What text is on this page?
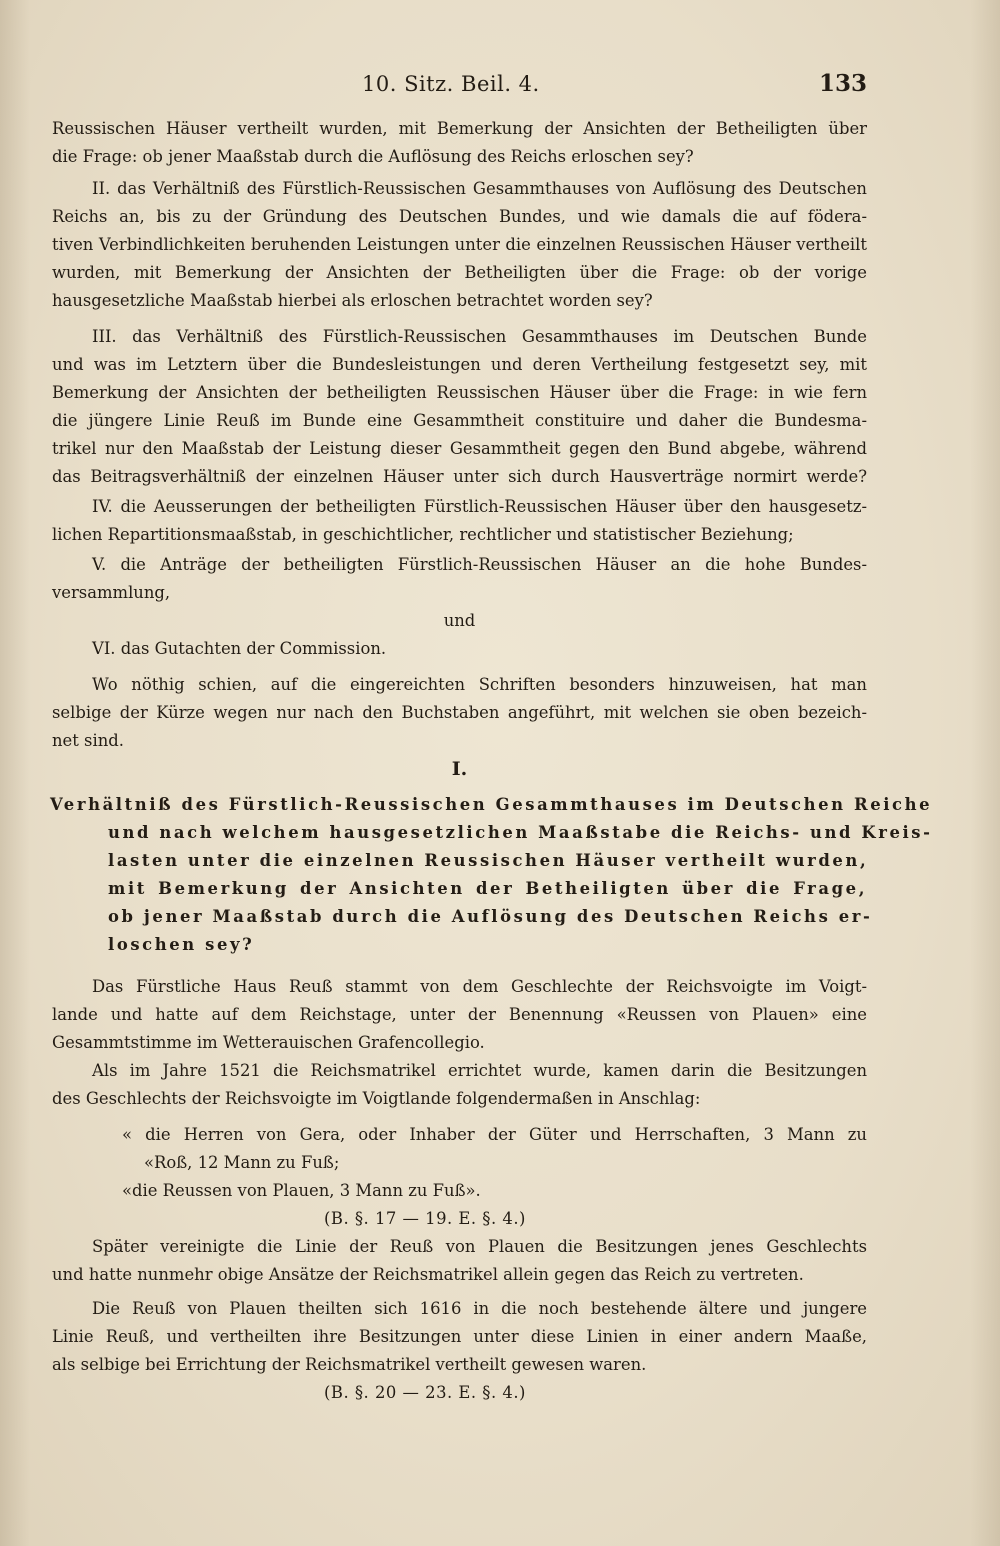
10. Sitz. Beil. 4.	133
Reussischen Häuser vertheilt wurden, mit Bemerkung der Ansichten der Betheiligten über
die Frage: ob jener Maaßstab durch die Auflösung des Reichs erloschen sey?
II. das Verhältniß des Fürstlich-Reussischen Gesammthauses von Auflösung des Deutschen
Reichs an, bis zu der Gründung des Deutschen Bundes, und wie damals die auf födera-
tiven Verbindlichkeiten beruhenden Leistungen unter die einzelnen Reussischen Häuser vertheilt
wurden, mit Bemerkung der Ansichten der Betheiligten über die Frage: ob der vorige
hausgesetzliche Maaßstab hierbei als erloschen betrachtet worden sey?
III. das Verhältniß des Fürstlich-Reussischen Gesammthauses im Deutschen Bunde
und was im Letztern über die Bundesleistungen und deren Vertheilung festgesetzt sey, mit
Bemerkung der Ansichten der betheiligten Reussischen Häuser über die Frage: in wie fern
die jüngere Linie Reuß im Bunde eine Gesammtheit constituire und daher die Bundesma-
trikel nur den Maaßstab der Leistung dieser Gesammtheit gegen den Bund abgebe, während
das Beitragsverhältniß der einzelnen Häuser unter sich durch Hausverträge normirt werde?
IV. die Aeusserungen der betheiligten Fürstlich-Reussischen Häuser über den hausgesetz-
lichen Repartitionsmaaßstab, in geschichtlicher, rechtlicher und statistischer Beziehung;
V. die Anträge der betheiligten Fürstlich-Reussischen Häuser an die hohe Bundes-
versammlung,
und
VI. das Gutachten der Commission.
Wo nöthig schien, auf die eingereichten Schriften besonders hinzuweisen, hat man
selbige der Kürze wegen nur nach den Buchstaben angeführt, mit welchen sie oben bezeich-
net sind.
I.
Verhältniß des Fürstlich-Reussischen Gesammthauses im Deutschen Reiche
und nach welchem hausgesetzlichen Maaßstabe die Reichs- und Kreis-
lasten unter die einzelnen Reussischen Häuser vertheilt wurden,
mit Bemerkung der Ansichten der Betheiligten über die Frage,
ob jener Maaßstab durch die Auflösung des Deutschen Reichs er-
loschen sey?
Das Fürstliche Haus Reuß stammt von dem Geschlechte der Reichsvoigte im Voigt-
lande und hatte auf dem Reichstage, unter der Benennung «Reussen von Plauen» eine
Gesammtstimme im Wetterauischen Grafencollegio.
Als im Jahre 1521 die Reichsmatrikel errichtet wurde, kamen darin die Besitzungen
des Geschlechts der Reichsvoigte im Voigtlande folgendermaßen in Anschlag:
« die Herren von Gera, oder Inhaber der Güter und Herrschaften, 3 Mann zu
«Roß, 12 Mann zu Fuß;
«die Reussen von Plauen, 3 Mann zu Fuß».
(B. §. 17 — 19. E. §. 4.)
Später vereinigte die Linie der Reuß von Plauen die Besitzungen jenes Geschlechts
und hatte nunmehr obige Ansätze der Reichsmatrikel allein gegen das Reich zu vertreten.
Die Reuß von Plauen theilten sich 1616 in die noch bestehende ältere und jungere
Linie Reuß, und vertheilten ihre Besitzungen unter diese Linien in einer andern Maaße,
als selbige bei Errichtung der Reichsmatrikel vertheilt gewesen waren.
(B. §. 20 — 23. E. §. 4.)
